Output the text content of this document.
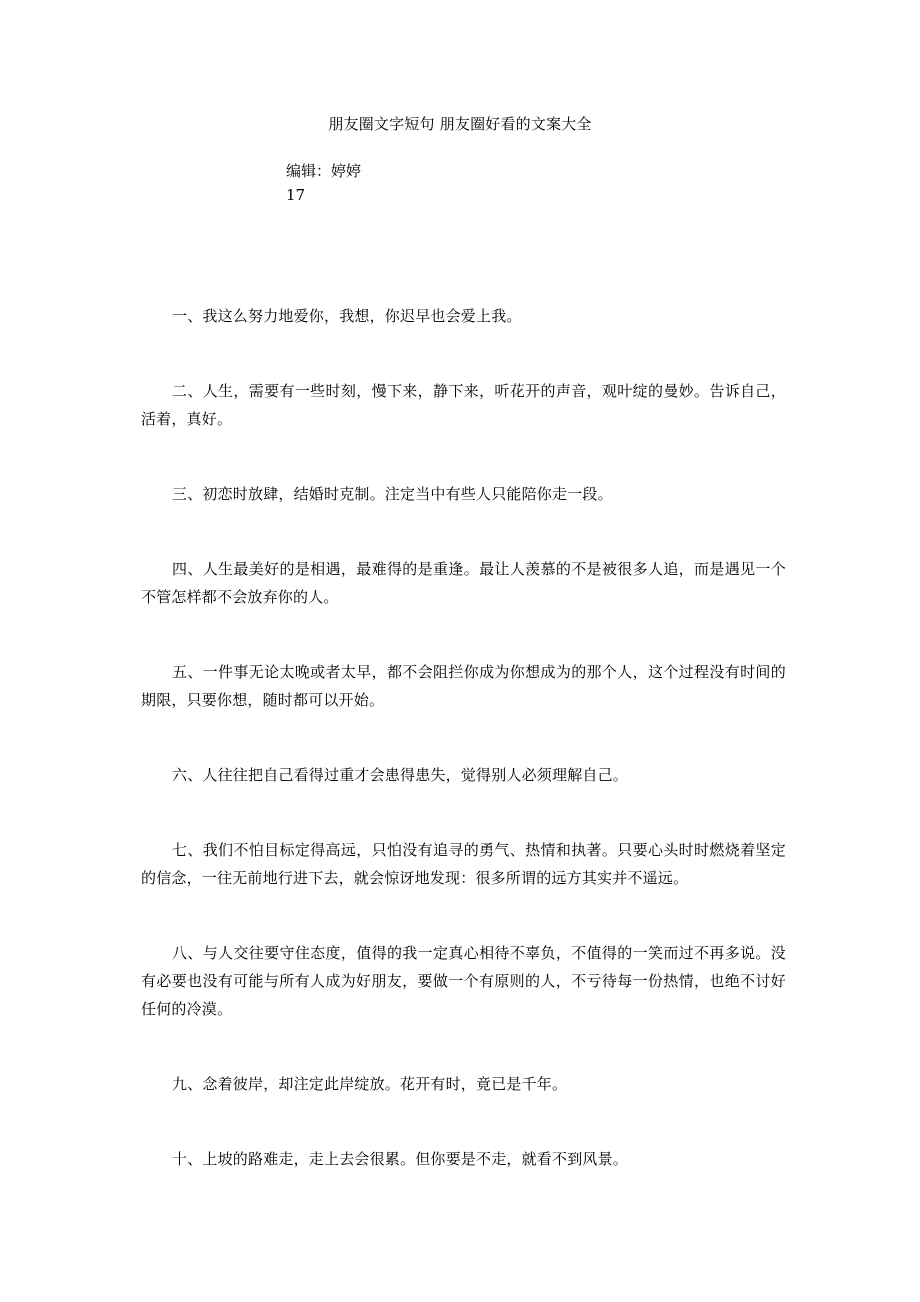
朋友圈文字短句 朋友圈好看的文案大全
编辑：婷婷
17

一、我这么努力地爱你，我想，你迟早也会爱上我。

二、人生，需要有一些时刻，慢下来，静下来，听花开的声音，观叶绽的曼妙。告诉自己，活着，真好。

三、初恋时放肆，结婚时克制。注定当中有些人只能陪你走一段。

四、人生最美好的是相遇，最难得的是重逢。最让人羡慕的不是被很多人追，而是遇见一个不管怎样都不会放弃你的人。

五、一件事无论太晚或者太早，都不会阻拦你成为你想成为的那个人，这个过程没有时间的期限，只要你想，随时都可以开始。

六、人往往把自己看得过重才会患得患失，觉得别人必须理解自己。

七、我们不怕目标定得高远，只怕没有追寻的勇气、热情和执著。只要心头时时燃烧着坚定的信念，一往无前地行进下去，就会惊讶地发现：很多所谓的远方其实并不遥远。

八、与人交往要守住态度，值得的我一定真心相待不辜负，不值得的一笑而过不再多说。没有必要也没有可能与所有人成为好朋友，要做一个有原则的人，不亏待每一份热情，也绝不讨好任何的冷漠。

九、念着彼岸，却注定此岸绽放。花开有时，竟已是千年。

十、上坡的路难走，走上去会很累。但你要是不走，就看不到风景。
